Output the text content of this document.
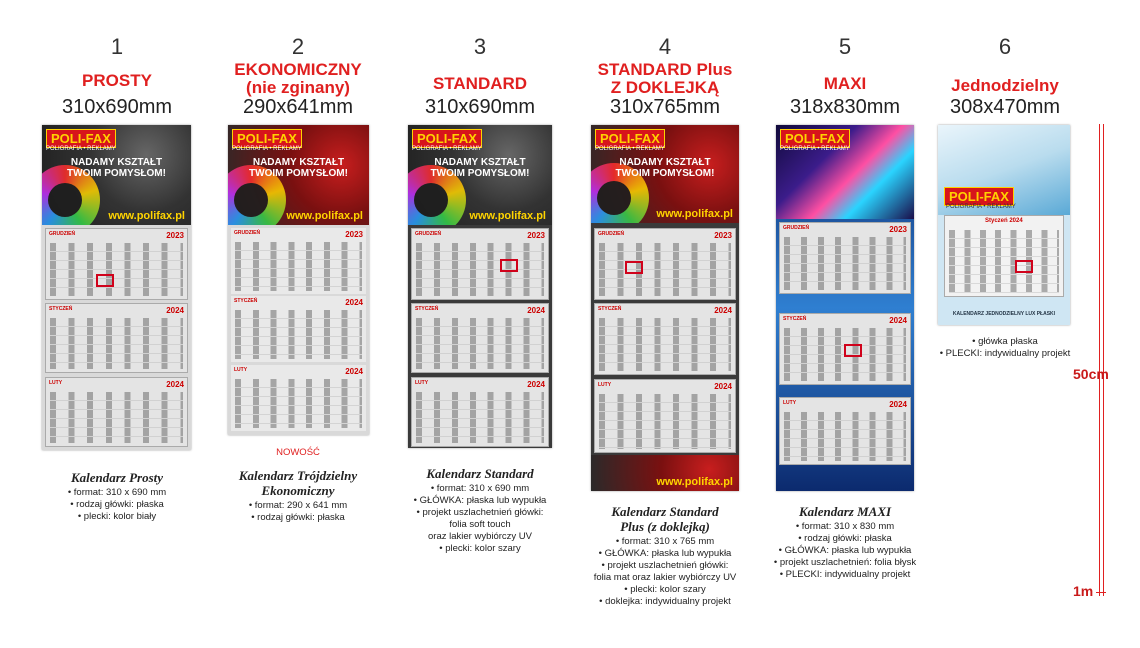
1
PROSTY
310x690mm
POLI-FAX
POLIGRAFIA • REKLAMY
NADAMY KSZTAŁT
TWOIM POMYSŁOM!
www.polifax.pl
GRUDZIEŃ	2023
STYCZEŃ	2024
LUTY	2024
Kalendarz Prosty
• format: 310 x 690 mm
• rodzaj główki: płaska
• plecki: kolor biały
2
EKONOMICZNY
(nie zginany)
290x641mm
POLI-FAX
POLIGRAFIA • REKLAMY
NADAMY KSZTAŁT
TWOIM POMYSŁOM!
www.polifax.pl
GRUDZIEŃ	2023
STYCZEŃ	2024
LUTY	2024
NOWOŚĆ
Kalendarz Trójdzielny Ekonomiczny
• format: 290 x 641 mm
• rodzaj główki: płaska
3
STANDARD
310x690mm
POLI-FAX
POLIGRAFIA • REKLAMY
NADAMY KSZTAŁT
TWOIM POMYSŁOM!
www.polifax.pl
GRUDZIEŃ	2023
STYCZEŃ	2024
LUTY	2024
Kalendarz Standard
• format: 310 x 690 mm
• GŁÓWKA: płaska lub wypukła
• projekt uszlachetnień główki:
folia soft touch
oraz lakier wybiórczy UV
• plecki: kolor szary
4
STANDARD Plus
Z DOKLEJKĄ
310x765mm
POLI-FAX
POLIGRAFIA • REKLAMY
NADAMY KSZTAŁT
TWOIM POMYSŁOM!
www.polifax.pl
GRUDZIEŃ	2023
STYCZEŃ	2024
LUTY	2024
www.polifax.pl
Kalendarz Standard Plus (z doklejką)
• format: 310 x 765 mm
• GŁÓWKA: płaska lub wypukła
• projekt uszlachetnień główki:
folia mat oraz lakier wybiórczy UV
• plecki: kolor szary
• doklejka: indywidualny projekt
5
MAXI
318x830mm
POLI-FAX
POLIGRAFIA • REKLAMY
GRUDZIEŃ	2023
STYCZEŃ	2024
LUTY	2024
Kalendarz MAXI
• format: 310 x 830 mm
• rodzaj główki: płaska
• GŁÓWKA: płaska lub wypukła
• projekt uszlachetnień: folia błysk
• PLECKI: indywidualny projekt
6
Jednodzielny
308x470mm
POLI-FAX
POLIGRAFIA • REKLAMY
Styczeń 2024
KALENDARZ JEDNODZIELNY LUX PŁASKI
• główka płaska
• PLECKI: indywidualny projekt
50cm
1m
